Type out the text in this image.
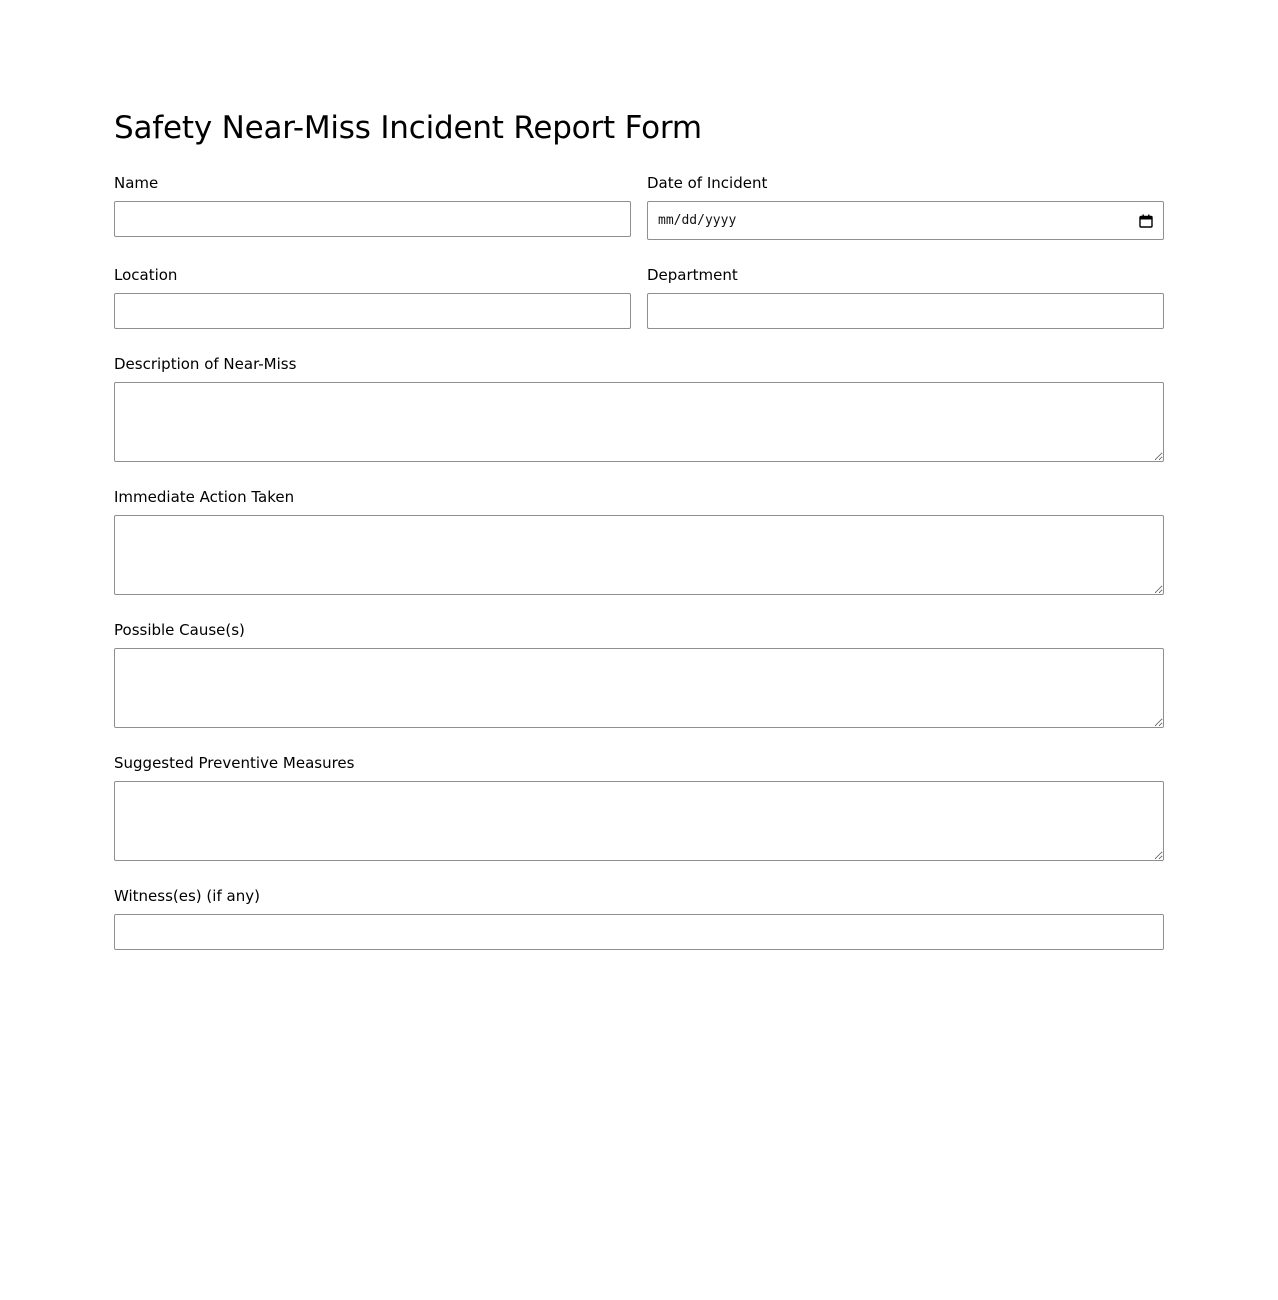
Safety Near-Miss Incident Report Form
Name	Date of Incident
mm/dd/yyyy
Location	Department
Description of Near-Miss
Immediate Action Taken
Possible Cause(s)
Suggested Preventive Measures
Witness(es) (if any)
